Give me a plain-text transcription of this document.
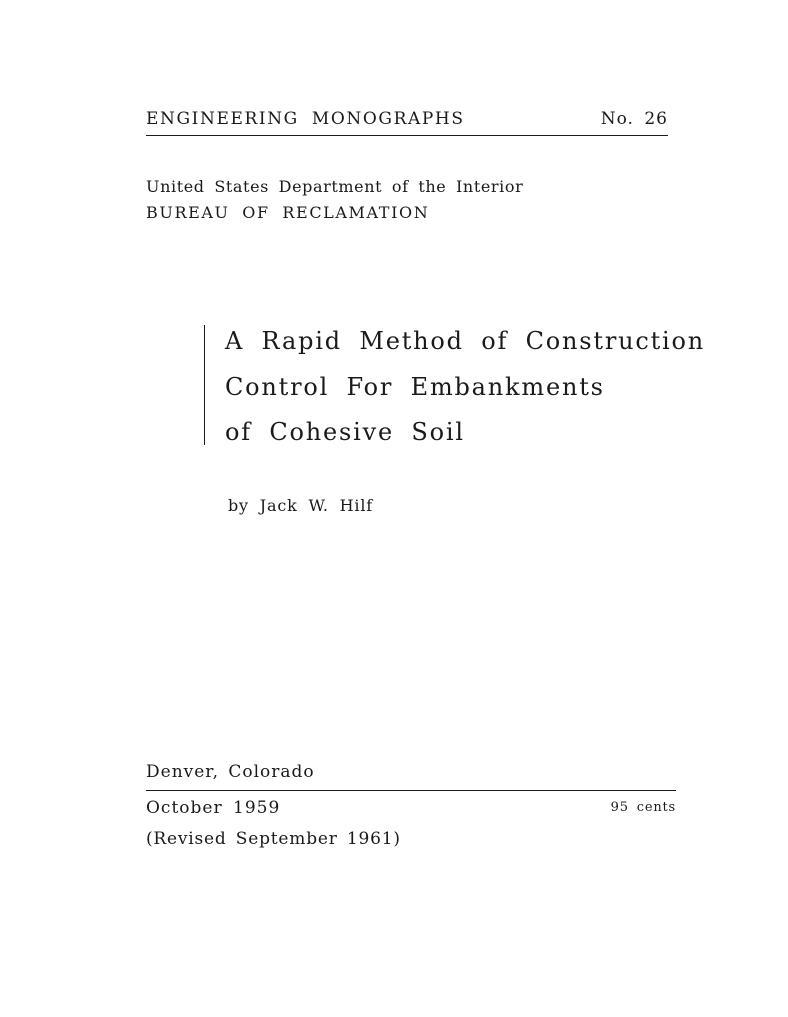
ENGINEERING MONOGRAPHS	No. 26
United States Department of the Interior
BUREAU OF RECLAMATION
A Rapid Method of Construction
Control For Embankments
of Cohesive Soil
by Jack W. Hilf
Denver, Colorado
October 1959	95 cents
(Revised September 1961)
